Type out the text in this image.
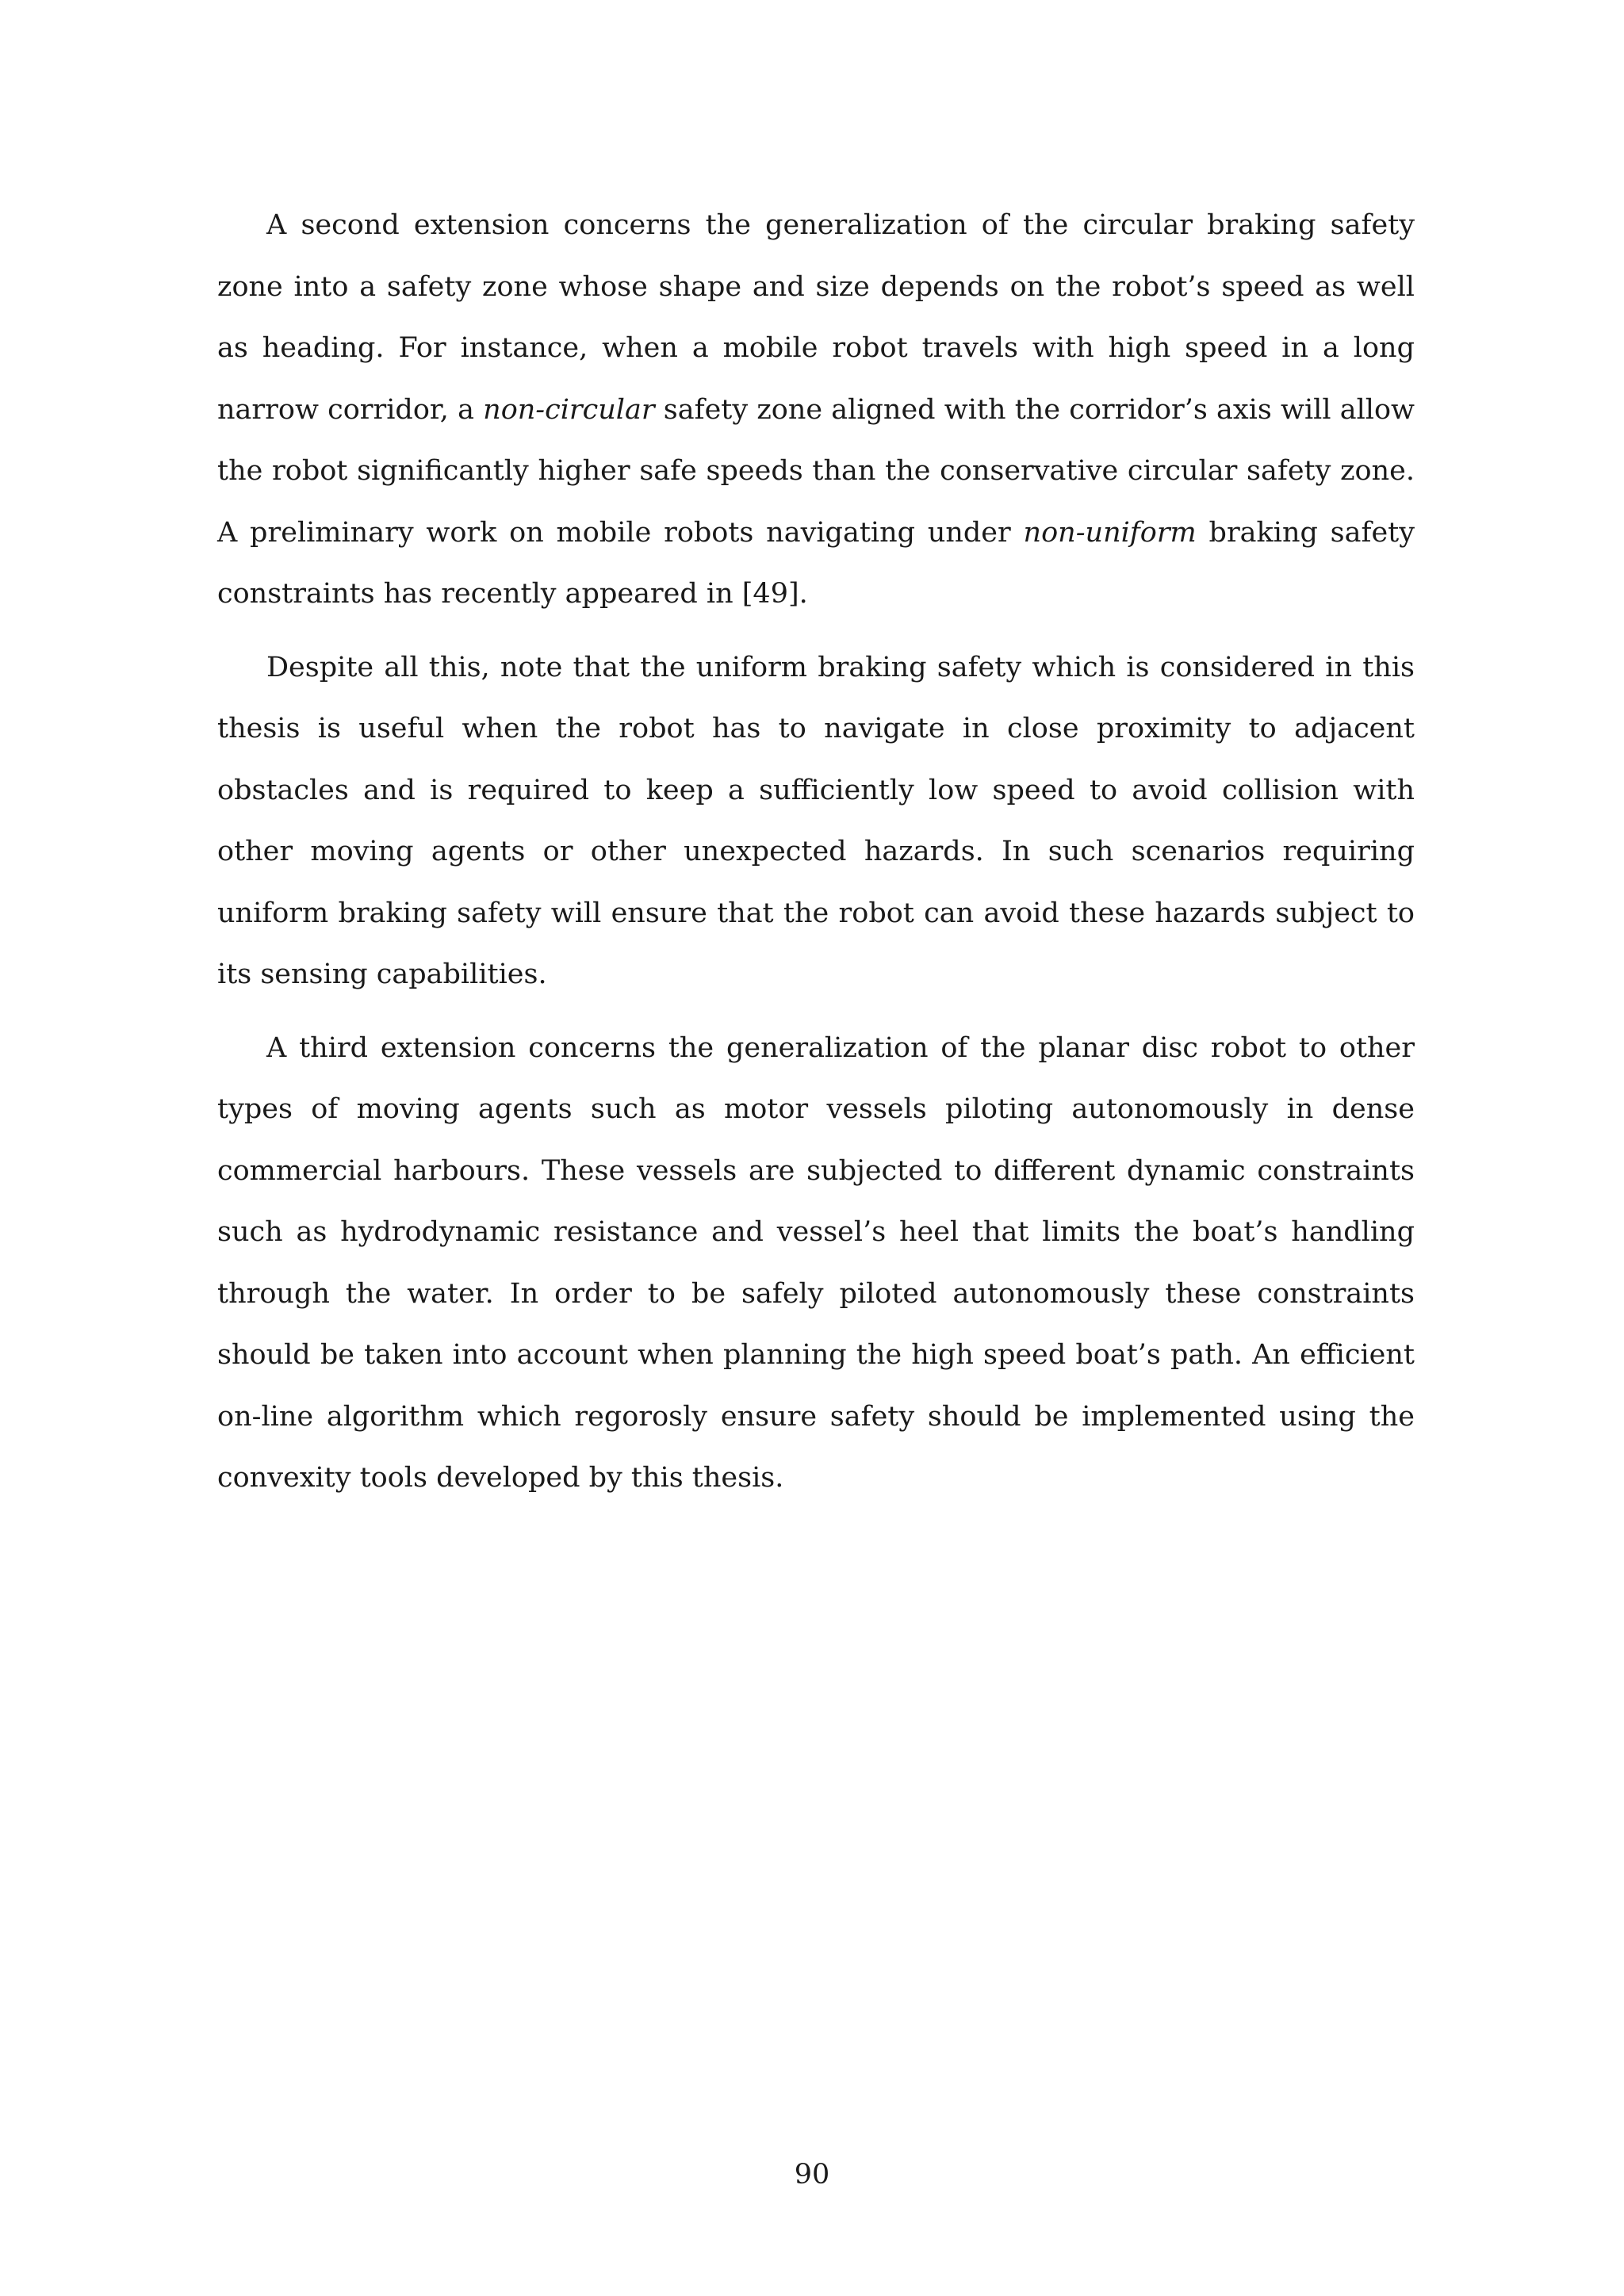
A second extension concerns the generalization of the circular braking safety zone into a safety zone whose shape and size depends on the robot’s speed as well as heading. For instance, when a mobile robot travels with high speed in a long narrow corridor, a non-circular safety zone aligned with the corridor’s axis will allow the robot significantly higher safe speeds than the conservative circular safety zone. A preliminary work on mobile robots navigating under non-uniform braking safety constraints has recently appeared in [49].

Despite all this, note that the uniform braking safety which is considered in this thesis is useful when the robot has to navigate in close proximity to adjacent obstacles and is required to keep a sufficiently low speed to avoid collision with other moving agents or other unexpected hazards. In such scenarios requiring uniform braking safety will ensure that the robot can avoid these hazards subject to its sensing capabilities.

A third extension concerns the generalization of the planar disc robot to other types of moving agents such as motor vessels piloting autonomously in dense commercial harbours. These vessels are subjected to different dynamic constraints such as hydrodynamic resistance and vessel’s heel that limits the boat’s handling through the water. In order to be safely piloted autonomously these constraints should be taken into account when planning the high speed boat’s path. An efficient on-line algorithm which regorosly ensure safety should be implemented using the convexity tools developed by this thesis.

90
